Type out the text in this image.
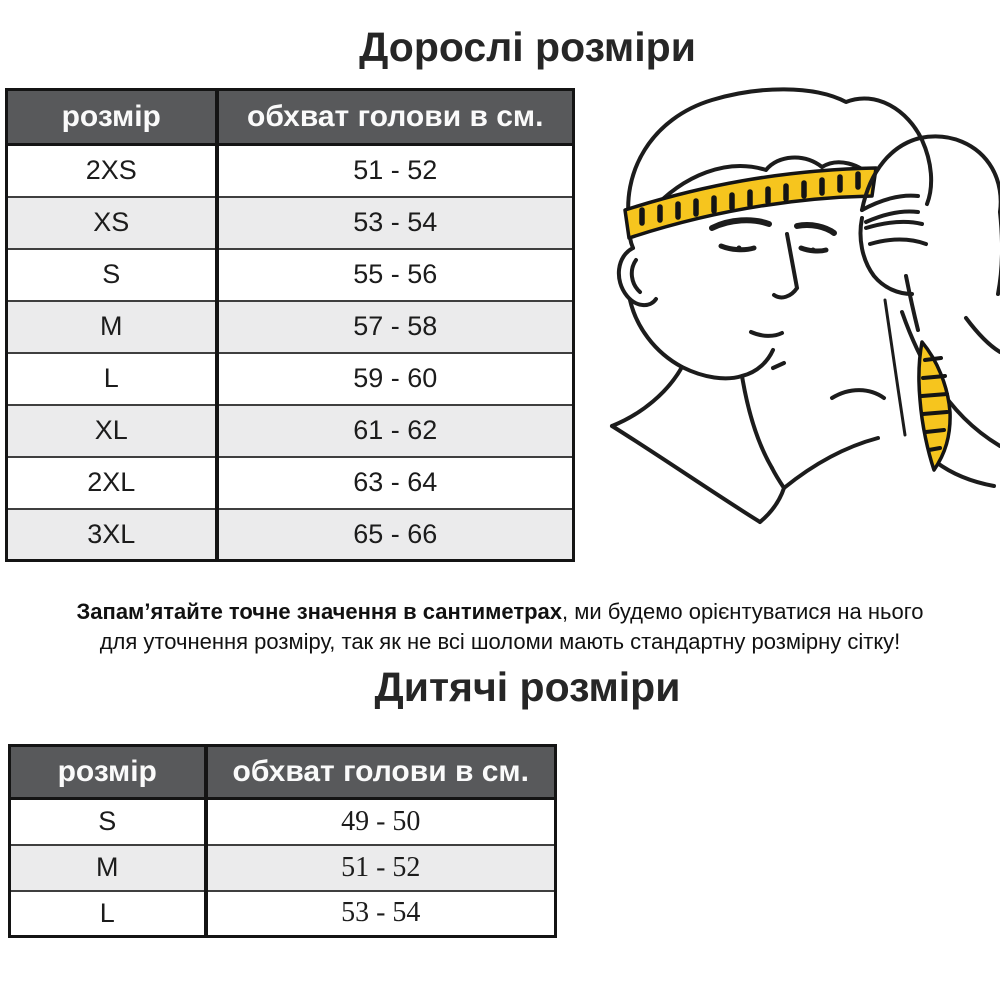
Дорослі розміри
розмір	обхват голови в см.
2XS	51 - 52
XS	53 - 54
S	55 - 56
M	57 - 58
L	59 - 60
XL	61 - 62
2XL	63 - 64
3XL	65 - 66
Запам’ятайте точне значення в сантиметрах, ми будемо орієнтуватися на нього
для уточнення розміру, так як не всі шоломи мають стандартну розмірну сітку!
Дитячі розміри
розмір	обхват голови в см.
S	49 - 50
M	51 - 52
L	53 - 54
